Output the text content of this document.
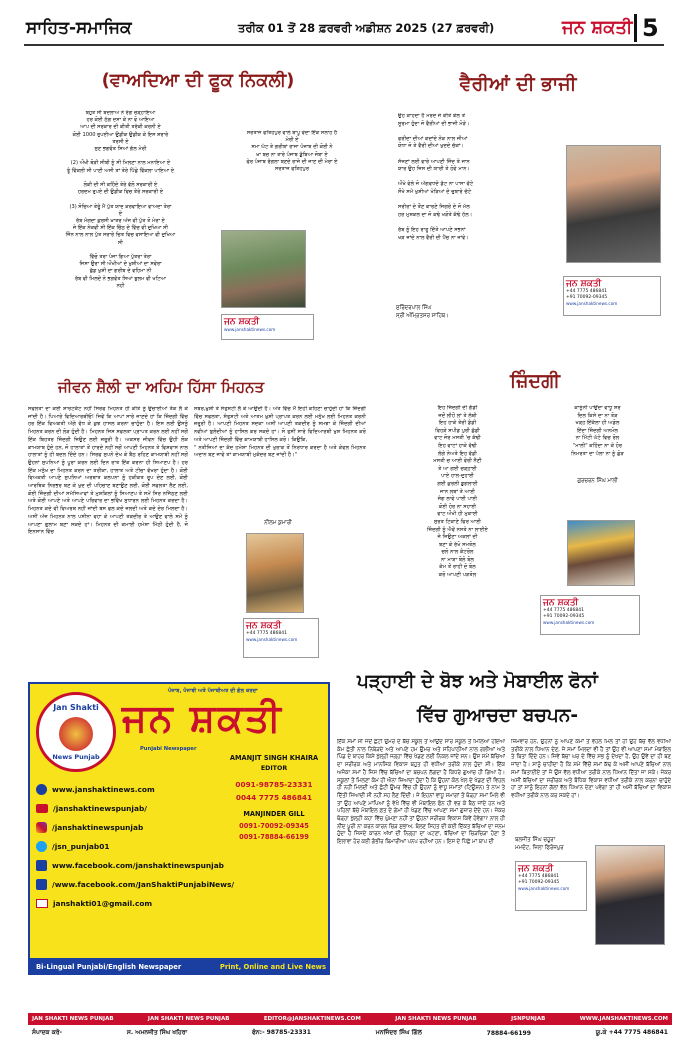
ਸਾਹਿਤ-ਸਮਾਜਿਕ	ਤਰੀਕ 01 ਤੋਂ 28 ਫ਼ਰਵਰੀ ਅਡੀਸ਼ਨ 2025 (27 ਫ਼ਰਵਰੀ)	ਜਨ ਸ਼ਕਤੀ 5
(ਵਾਅਦਿਆ ਦੀ ਫੂਕ ਨਿਕਲੀ)
ਬਹੁਤ ਸੀ ਬਦਲਾਅ ਨੇ ਰੰਗ ਚੜ੍ਹਾਇਆ
ਹਰ ਕੋਈ ਠੱਗ ਦਸਾ ਕੇ ਨਾ ਵੋ ਆਇਆ
ਆਪ ਦੀ ਸਰਕਾਰ ਦੀ ਕੀਤੀ ਤਰੱਕੀ ਕਰਨੀ ਏ
ਕੋਈ 1000 ਰੁਪਈਆ ਉਡੀਕ ਉਡੀਕ ਕੇ ਇਸ ਸ਼ਰਾਰੇ
ਤਰਸੀ ਏ
ਸੁਣ ਭਗਵੰਤ ਸਿਆਂ ਗੱਲ ਮੇਰੀ

(2) ਔਖੀ ਥੋੜੀ ਸੀਬੀ ਨੂੰ ਸੀ ਮਿਲਣਾ ਨਾਲ ਮਨਾਇਆ ਏ
ਤੂੰ ਵਿੱਕਲੀ ਸੀ ਪਾਣੀ ਅਸੀ ਤਾਂ ਤੇਰੇ ਪਿੱਛੇ ਵਿੱਕਲਾ ਪਾਇਆ ਏ

ਲੋਕੀ ਦੀ ਸੀ ਕਹਿੰਦੇ ਤੇਰੇ ਵੱਲੋ ਸਰਕਾਰੀ ਏ
ਹਰਦਮ ਰੁਪਏ ਦੀ ਉਡੀਕ ਵਿਚ ਤੇਰੇ ਸਰਕਾਰੀ ਏ

(3) ਸੋਚਿਆ ਤੇਰੂੰ ਮੈਂ ਪੁੱਤ ਯਾਦ ਕਰਵਾਇਆ ਵਾਅਦਾ ਤੇਰਾ
ਏ
ਰੱਬ ਮੰਗਦਾ ਕੁਰਸੀ ਖ਼ਾਤਰ ਅੱਜ ਵੀ ਪੁੱਤ ਤੋ ਮੇਰਾ ਏ
ਜੇ ਇੱਕ ਨੇਕਵੀ ਸੀ ਇੱਕ ਚਿੱਠ ਦੇ ਵਿੱਚ ਵੀ ਦੁਖਿਆ ਸੀ
ਜਿੰਨ ਨਾਲ ਨਾਲ ਪੁੱਤ ਸਰਾਰੇ ਚਿਤ ਵਿਚ ਵਸਾਇਆ ਵੀ ਦੁਖਿਆ
ਸੀ

ਵਿੱਚੋ ਤਰਾ ਪੰਜਾ ਗਿਆ ਪੁੱਤਰਾ ਤੇਰਾ
ਜਿਸਾ ਉਰਾ ਸੀ ਔਖੀਆਂ ਦੇ ਖੁਸ਼ੀਆਂ ਦਾ ਸਵੇਰਾ
ਛੱਡ ਖੁਸ਼ੀ ਦਾ ਗਰੀਬ ਦੇ ਵਹਿਮਾ ਨੀ
ਰੱਬ ਵੀ ਮਿਲਦੇ ਨੇ ਭਗਵੰਤ ਸਿਆਂ ਝੁਲਮ ਵੀ ਖਟਿਆ
ਨਹੀ
ਸਰਤਾਜ ਫਤਿਹਪੁਰ ਵਾਲੇ ਬਾਪੂ ਵੇਦਾ ਇੱਕ ਸਲਾਹ ਹੈ
ਮੇਰੀ ਏ
ਸਮਾ ਘੱਟ ਤੇ ਗਰੀਬਾਂ ਰਾਜਾ ਪੰਜਾਬ ਦੀ ਕੋਈ ਨੇ
ਖ਼ਾ ਬਚ ਨਾ ਤਾਰੇ ਪੰਜਾਬ ਡੁੱਬਿਆ ਜੋਬਾ ਏ
ਫੇਰ ਪੰਜਾਬ ਰੰਗਲਾ ਬਣਦੇ ਰਾਜੇ ਦੀ ਜਾਣ ਦੀ ਮੇਰਾ ਏ
ਸਰਤਾਜ ਫਤਿਹਪੁਰ
ਜਨ ਸ਼ਕਤੀ
www.janshaktinews.com
ਵੈਰੀਆਂ ਦੀ ਭਾਜੀ
ਉਹ ਕਾਹਦਾ ਹੈ ਮਰਦ ਜੇ ਕੀਤੇ ਕੌਲ ਤੋਂ
ਸੂਰਮਾ ਹੁੰਦਾ ਜੋ ਵੈਰੀਆਂ ਦੀ ਭਾਜੀ ਮੋੜੇ।

ਫਰੀਦਾ ਦੀਆਂ ਕਦਾਂਦੇ ਨੇਕ ਨਾਲ ਜੀਆਂ
ਯੋਧਾ ਜੋ ਤੇ ਵੈਰੀ ਦੀਆਂ ਖੁਦਦੇ ਚੱਕਾਂ।

ਸੱਜਣਾਂ ਲਈ ਵਾਰੇ ਆਪਣੀ ਜਿੰਦ ਤੇ ਜਾਨ
ਯਾਰ ਉਹ ਜਿਸ ਦੀ ਯਾਰੀ ਤੇ ਹੋਵੇ ਮਾਨ।

ਔਖੇ ਵੇਲੇ ਜੋ ਅੱਗਵਧਦੇ ਡੱਟ ਨਾ ਪਾਸਾ ਵੱਟੇ
ਸੌਖੇ ਸਮੇਂ ਖੁਸ਼ੀਆਂ ਖੇੜਿਆਂ ਦੇ ਚੁਬਾਰੇ ਚੱਟੇ

ਸਰੀਰਾਂ ਦੇ ਤੌਣ ਕਾਰਣੇ ਜਿਗਰੇ ਦੇ ਜੋ ਮੱਲ
ਹਰ ਮੁਸ਼ਕਲ ਦਾ ਜੋ ਕਢੇ ਖੜੋਤੇ ਕੱਢੇ ਹੱਲ।

ਰੱਬ ਨੂੰ ਇਹ ਰਾਤੂ ਦਿੱਤੇ ਆਪਣੇ ਸਭਨਾਂ
ਖੜ ਜਾਂਦੇ ਨਾਲ ਵੈਰੀ ਦੀ ਪੈਂਚ ਨਾ ਜਾਂਵੇ।
ਸੁਰਿੰਦਰਪਾਲ ਸਿੰਘ
ਸ੍ਰੀ ਅੰਮ੍ਰਿਤਸਰ ਸਾਹਿਬ।
ਜਨ ਸ਼ਕਤੀ
+44 7775 486841
+91 70092-09345
www.janshaktinews.com
ਜੀਵਨ ਸ਼ੈਲੀ ਦਾ ਅਹਿਮ ਹਿੱਸਾ ਮਿਹਨਤ
ਸਫਲਤਾ ਦਾ ਕੋਈ ਸ਼ਾਰਟਕੱਟ ਨਹੀਂ ਸਿਰਫ ਮਿਹਨਤ ਹੀ ਕੀਤੇ ਨੂੰ ਉਚਾਈਆਂ ਤੱਕ ਲੈ ਕੇ ਜਾਂਦੀ ਹੈ। ਪਿਆਰੇ ਵਿਦਿਆਰਥੀਓ! ਜਿਵੇਂ ਕਿ ਆਪਾਂ ਸਾਰੇ ਜਾਣਦੇ ਹਾਂ ਕਿ ਜ਼ਿੰਦਗੀ ਵਿੱਚ ਹਰ ਇੱਕ ਵਿਅਕਤੀ ਅੱਗੇ ਵੱਧ ਕੇ ਕੁਝ ਹਾਸਲ ਕਰਨਾ ਚਾਹੁੰਦਾ ਹੈ। ਇਸ ਲਈ ਉਸਨੂੰ ਮਿਹਨਤ ਕਰਨ ਦੀ ਲੋੜ ਹੁੰਦੀ ਹੈ। ਮਿਹਨਤ ਜਿਸ ਸਫਲਤਾ ਪ੍ਰਾਪਤ ਕਰਨ ਲਈ ਨਹੀਂ ਸਗੋਂ ਇੱਕ ਬਿਹਤਰ ਜ਼ਿੰਦਗੀ ਜਿਉਣ ਲਈ ਜ਼ਰੂਰੀ ਹੈ। ਅਕਸਰ ਜੀਵਨ ਵਿੱਚ ਉਹੀ ਲੋਕ ਕਾਮਯਾਬ ਹੁੰਦੇ ਹਨ, ਜੋ ਹਾਲਾਤਾਂ ਤੋਂ ਹਾਰਦੇ ਨਹੀਂ ਸਗੋਂ ਆਪਣੀ ਮਿਹਨਤ ਤੇ ਵਿਸ਼ਵਾਸ ਨਾਲ ਹਾਲਾਤਾਂ ਨੂੰ ਹੀ ਬਦਲ ਦਿੰਦੇ ਹਨ। ਸਿਰਫ ਸੁਪਨੇ ਦੇਖ ਕੇ ਬੈਠ ਰਹਿਣ ਕਾਮਯਾਬੀ ਨਹੀਂ ਸਗੋਂ ਉਹਨਾਂ ਸੁਪਨਿਆਂ ਨੂੰ ਪੂਰਾ ਕਰਨ ਲਈ ਦਿਨ ਰਾਤ ਇੱਕ ਕਰਨਾ ਹੀ ਸਿਆਣਪ ਹੈ। ਹਰ ਇੱਕ ਮਨੁੱਖ ਦਾ ਮਿਹਨਤ ਕਰਨ ਦਾ ਤਰੀਕਾ, ਹਾਲਾਤ ਅਤੇ ਟੀਚਾ ਵੱਖਰਾ ਹੁੰਦਾ ਹੈ। ਕੋਈ ਵਿਅਕਤੀ ਆਪਣੇ ਸੁਪਨਿਆਂ ਅਰਥਾਤ ਕਲਪਨਾ ਨੂੰ ਹਕੀਕਤ ਰੂਪ ਦੇਣ ਲਈ, ਕੋਈ ਆਰਥਿਕ ਨਿਰਭਰ ਬਣ ਕੇ ਖੁਦ ਦੀ ਪਹਿਚਾਣ ਬਣਾਉਣ ਲਈ, ਕੋਈ ਸਫਲਤਾ ਲੈਣ ਲਈ, ਕੋਈ ਜ਼ਿੰਦਗੀ ਦੀਆਂ ਸਮੱਸਿਆਵਾਂ ਤੇ ਮੁਸ਼ਕਿਲਾਂ ਨੂੰ ਸਿਆਣਪ ਤੇ ਸਮੇਂ ਸਿਰ ਨਜਿੱਠਣ ਲਈ ਅਤੇ ਕੋਈ ਆਪਣੇ ਅਤੇ ਆਪਣੇ ਪਰਿਵਾਰ ਦਾ ਭਵਿੱਖ ਸੁਧਾਰਨ ਲਈ ਮਿਹਨਤ ਕਰਦਾ ਹੈ। ਮਿਹਨਤ ਕਦੇ ਵੀ ਵਿਅਰਥ ਨਹੀਂ ਜਾਂਦੀ ਬਸ ਫਲ ਕਦੇ ਜਲਦੀ ਅਤੇ ਕਦੇ ਦੇਰ ਮਿਲਦਾ ਹੈ। ਅਸੀਂ ਅੱਜ ਮਿਹਨਤ ਨਾਲ ਪਸੀਨਾ ਵਹਾ ਕੇ ਆਪਣੀ ਤਕਦੀਰ ਤੇ ਆਉਣ ਵਾਲੇ ਸਮੇਂ ਨੂੰ ਆਪਣਾ ਗੁਲਾਮ ਬਣਾ ਸਕਦੇ ਹਾਂ। ਮਿਹਨਤ ਦੀ ਕਮਾਈ ਹਮੇਸ਼ਾ ਮਿੱਠੀ ਹੁੰਦੀ ਹੈ, ਜੋ ਇਨਸਾਨ ਵਿੱਚ
ਸਬਰ,ਖ਼ੁਸ਼ੀ ਤੇ ਸੰਤੁਸ਼ਟੀ ਲੈ ਕੇ ਆਉਂਦੀ ਹੈ। ਅੰਤ ਵਿੱਚ ਮੈਂ ਇਹੀ ਕਹਿਣਾ ਚਾਹੁੰਦੀ ਹਾਂ ਕਿ ਜ਼ਿੰਦਗੀ ਵਿੱਚ ਸਫਲਤਾ, ਸੰਤੁਸ਼ਟੀ ਅਤੇ ਆਤਮ ਖ਼ੁਸ਼ੀ ਪ੍ਰਾਪਤ ਕਰਨ ਲਈ ਮਨੁੱਖ ਲਈ ਮਿਹਨਤ ਕਰਨੀ ਜ਼ਰੂਰੀ ਹੈ। ਆਪਣੀ ਮਿਹਨਤ ਸਦਕਾ ਅਸੀਂ ਆਪਣੀ ਤਕਦੀਰ ਨੂੰ ਸਮਝਾ ਕੇ ਜ਼ਿੰਦਗੀ ਦੀਆਂ ਨਵੀਆਂ ਬੁਲੰਦੀਆਂ ਨੂੰ ਹਾਸਿਲ ਕਰ ਸਕਦੇ ਹਾਂ। ਸੋ ਤੁਸੀਂ ਸਾਰੇ ਵਿਦਿਆਰਥੀ ਖੁਸ਼ ਮਿਹਨਤ ਕਰੋ ਅਤੇ ਆਪਣੀ ਜ਼ਿੰਦਗੀ ਵਿੱਚ ਕਾਮਯਾਬੀ ਹਾਸਿਲ ਕਰੋ। ਕਿਉਂਕਿ,
" ਨਤੀਜਿਆਂ ਦਾ ਕੱਦ ਹਮੇਸ਼ਾ ਮਿਹਨਤ ਦੀ ਖੁਰਾਕ ਤੋਂ ਨਿਰਧਾਰ ਕਰਦਾ ਹੈ ਅਤੇ ਕੇਵਲ ਮਿਹਨਤ ਅਦਾਨ ਬਣ ਜਾਵੇ ਤਾਂ ਕਾਮਯਾਬੀ ਮੁਕੱਦਰ ਬਣ ਜਾਂਦੀ ਹੈ।"
ਨੀਲਮ ਕੁਮਾਰੀ
ਜਨ ਸ਼ਕਤੀ
+44 7775 486841
www.janshaktinews.com
ਜ਼ਿੰਦਗੀ
ਇਹ ਜ਼ਿੰਦਗੀ ਦੀ ਗੱਡੀ
ਜਦੋਂ ਲੀਹੋਂ ਲਾਂ ਤੇ ਲੱਥੀ
ਇਹ ਹਾਕੇ ਤੇਰੀ ਡੰਡੀ
ਵਿਹੜੇ ਸਪੀਡ ਪੁਰੀ ਛੱਡੀ
ਵਾਟ ਜੋਰ ਮਸਤੀ 'ਚ ਕੱਢੀ
ਇਹ ਵਾਟਾਂ ਹਾਕੇ ਵੱਢੀ
ਲੱਗੇ ਨੇਅਤੇ ਇਹ ਵੱਡੀ
ਮਸਤੀ ਚ ਆਈ ਵੇਰੀ ਨੈਣੀ
ਤੇ ਆ ਗਈ ਚੜ੍ਹਾਈ
ਪਾਏ ਹਾਲ-ਦੁਹਾਈ
ਗਈ ਕੁਰਲੀ ਡੁਗਲਾਈ
ਜਾਨ ਲਬਾਂ ਤੇ ਆਈ
ਜੰਗ ਲਾਵੇ ਪਾਈ ਪਾਈ
ਕੋਈ ਹੋਰ ਨਾ ਸਹਾਈ
ਵਾਟ ਔਖੀ ਹੀ ਮੁਕਾਈ
ਸੁਰਤ ਟਿਕਾਣੇ ਫਿਰ ਆਈ
ਜ਼ਿੰਦਗੀ ਨੂੰ ਐਵੇਂ ਨਸਤੇ ਨਾ ਲਾਈਏ
ਜੇ ਜਿਉਣਾ ਅਕਲਾਂ ਦੀ
ਬਣਾ ਕੇ ਰੱਖੋ ਸਮਤੋਲ
ਚਲੋ ਨਾਲ ਕੰਟਰੋਲ
ਨਾ ਮਾੜਾ ਬੋਲੋ ਬੋਲ
ਕੰਮ ਤੋਂ ਰਾਹੀ ਦੋ ਬੋਲ
ਕਰੋ ਆਪਣੀ ਪੜਤੋਲ
ਕਾਨੂੰਨੀ ਪਾਉਂਦਾ ਵਾਧੂ ਸ਼ੋਰ
ਦਿਲ ਕਿਸੇ ਦਾ ਨਾ ਤੋੜ
ਖੜ੍ਹ ਇੱਕੱਲਾ ਹੀ ਅਡੋਲ
ਇੱਦਾ ਜ਼ਿੰਦਗੀ ਅਨਮੋਲ
ਨਾ ਮਿੱਟੀ ਘੱਟੇ ਵਿਚ ਰੋਲ
"ਮਾਲੀ" ਕਹਿੰਦਾ ਨਾ ਕੇ ਹੋਰ
ਨਿਮਰਤਾ ਦਾ ਪੱਲਾ ਨਾ ਨੂੰ ਛੋੜ
ਗੁਰਚਰਨ ਸਿੰਘ ਮਾਲੀ
ਜਨ ਸ਼ਕਤੀ
+44 7775 486841
+91 70092-09345
www.janshaktinews.com
ਪੜ੍ਹਾਈ ਦੇ ਬੋਝ ਅਤੇ ਮੋਬਾਈਲ ਫੋਨਾਂ
ਵਿੱਚ ਗੁਆਚਦਾ ਬਚਪਨ-
ਇੱਕ ਸਮਾਂ ਸੀ ਜਦੋਂ ਛੋਟੀ ਉਮਰ ਦੇ ਬੱਚੇ ਸਕੂਲ ਤੋਂ ਆਉਂਦ ਸਾਰ ਸਕੂਲ ਤੋਂ ਮਿਲਿਆ ਹੋਇਆ ਕੰਮ ਛੇਤੀ ਨਾਲ ਨਿਬੇੜਦੇ ਅਤੇ ਆਪਣੇ ਹਮ ਉਮਰ ਅਤੇ ਸਹਿਪਾਠੀਆਂ ਨਾਲ ਗਲੀਆਂ ਅਤੇ ਪਿੰਡ ਦੇ ਬਾਹਰ ਕਿਸੇ ਖੁੱਲ੍ਹੀ ਜਗ੍ਹਾ ਵਿੱਚ ਖੇਡਣ ਲਈ ਨਿਕਲ ਜਾਂਦੇ ਸਨ। ਉਸ ਸਮੇਂ ਬੱਚਿਆਂ ਦਾ ਸਰੀਰਕ ਅਤੇ ਮਾਨਸਿਕ ਵਿਕਾਸ ਬਹੁਤ ਹੀ ਵਧੀਆ ਤਰੀਕੇ ਨਾਲ ਹੁੰਦਾ ਸੀ। ਇੱਕ ਅਜੋਕਾ ਸਮਾਂ ਹੈ ਜਿਸ ਵਿੱਚ ਬੱਚਿਆਂ ਦਾ ਬਚਪਨ ਲੱਗਦਾ ਹੈ ਕਿਧਰੇ ਗੁਆਚ ਹੀ ਗਿਆ ਹੈ। ਸਕੂਲਾਂ ਤੋਂ ਮਿਲਣਾ ਕੰਮ ਹੀ ਐਨਾ ਜ਼ਿਆਦਾ ਹੁੰਦਾ ਹੈ ਕਿ ਉਹਨਾਂ ਕੋਲ ਖੇਲ ਦੇ ਖੇਡਣ ਦੀ ਵਿਹਲ ਹੀ ਨਹੀਂ ਮਿਲਦੀ ਅਤੇ ਛੋਟੀ ਉਮਰ ਵਿੱਚ ਹੀ ਉਹਨਾਂ ਨੂੰ ਵਾਧੂ ਸਮਾਂਤਾਂ (ਟਿਊਸ਼ਨ) ਤੇ ਨਾਮ ਤੇ ਦਿੱਤੀ ਜਿਆਦੀ ਸੀ ਨਹੀਂ ਸਹ ਲੈਣ ਦਿੰਦੀ। ਜੇ ਇਹਨਾਂ ਵਾਧੂ ਸਮਾਗਾਂ ਤੋਂ ਥੋੜ੍ਹਾ ਸਮਾਂ ਮਿਲੇ ਵੀ ਤਾਂ ਉਹ ਆਪਣੇ ਮਾਪਿਆਂ ਨੂੰ ਵੇਖੋ ਵਿੱਚ ਵੀ ਮੋਬਾਇਲ ਫੋਨ ਹੀ ਵਰ ਕੇ ਬੈਠ ਜਾਂਦੇ ਹਨ ਅਤੇ ਪਹਿਲਾਂ ਬੱਚੇ ਮੋਬਾਇਲ ਫ਼ਤ ਦੇ ਗੇਮਾਂ ਹੀ ਖੇਡਣ ਵਿੱਚ ਆਪਣਾ ਸਮਾਂ ਗੁਜ਼ਾਰ ਦੇਂਦੇ ਹਨ। ਜੇਕਰ ਥੋੜ੍ਹਾ ਖੁੱਲ੍ਹੀ ਕਹਾ ਵਿੱਚ ਘੁੰਮਣਾ ਨਹੀਂ ਤਾਂ ਉਹਨਾਂ ਸਰੀਰਕ ਵਿਕਾਸ ਕਿਵੇਂ ਹੋਵੇਗਾ? ਨਾਲ ਹੀ ਨੀਂਦ ਪੂਰੀ ਨਾ ਕਰਨ ਕਾਰਨ ਚਿੜ ਸੁਭਾਅ, ਬੋਲਣ ਸਿਹਤ ਦੀ ਕਈ ਦਿੱਕਤ ਬੱਚਿਆਂ ਦਾ ਜਨਮ ਹੁੰਦਾ ਹੈ ਜਿਸਦੇ ਕਾਰਨ ਅੱਖਾਂ ਦੀ ਨਿਗ੍ਹਾ ਦਾ ਘਟਣਾ, ਬੱਚਿਆਂ ਦਾ ਚਿੜਚਿੜਾ ਹੋਣਾ ਤੋਂ ਇਲਾਵਾ ਹੋਰ ਕਈ ਗੰਭੀਰ ਬਿਮਾਰੀਆਂ ਪਨਪ ਰਹੀਆਂ ਹਨ। ਇਸ ਦੇ ਪਿੱਛੇ ਮਾਂ ਬਾਪ ਦੀ
ਜ਼ਿੰਮੇਵਾਰ ਹਨ, ਉਹਨਾਂ ਨੂੰ ਆਪਣੇ ਕੰਮਾਂ ਤੋਂ ਵੇਹਲ ਮਿਲੇ ਤਾਂ ਹੀ ਉਹ ਬੱਚੇ ਵੱਲ ਵਧੀਆ ਤਰੀਕੇ ਨਾਲ ਧਿਆਨ ਦੇਣ, ਜੇ ਸਮਾਂ ਮਿਲਦਾ ਵੀ ਹੈ ਤਾਂ ਉਹ ਵੀ ਆਪਣਾ ਸਮਾਂ ਮੋਬਾਇਲ ਤੇ ਬਿਤਾ ਦਿੰਦੇ ਹਨ। ਜਿਵੇਂ ਬੱਚਾ ਘਰ ਦੇ ਵਿੱਚ ਸਭ ਨੂੰ ਦੇਖਦਾ ਹੈ, ਉਹ ਉਵੇਂ ਦਾ ਹੀ ਬਣ ਜਾਂਦਾ ਹੈ। ਸਾਨੂੰ ਚਾਹੀਦਾ ਹੈ ਕਿ ਸਮੇਂ ਵਿੱਚੋਂ ਸਮਾਂ ਕੱਢ ਕੇ ਅਸੀਂ ਆਪਣੇ ਬੱਚਿਆਂ ਨਾਲ ਸਮਾਂ ਬਿਤਾਈਏ ਤਾਂ ਜੋ ਉਸ ਵੱਲ ਵਧੀਆ ਤਰੀਕੇ ਨਾਲ ਧਿਆਨ ਦਿੱਤਾ ਜਾ ਸਕੇ। ਜੇਕਰ ਅਸੀਂ ਬੱਚਿਆਂ ਦਾ ਸਰੀਰਕ ਅਤੇ ਬੌਧਿਕ ਵਿਕਾਸ ਵਧੀਆਂ ਤਰੀਕੇ ਨਾਲ ਕਰਨਾ ਚਾਹੁੰਦੇ ਹਾਂ ਤਾਂ ਸਾਨੂੰ ਇਹਨਾਂ ਗੱਲਾਂ ਵੱਲ ਧਿਆਨ ਦੇਣਾ ਪਵੇਗਾ ਤਾਂ ਹੀ ਅਸੀਂ ਬੱਚਿਆਂ ਦਾ ਵਿਕਾਸ ਵਧੀਆਂ ਤਰੀਕੇ ਨਾਲ ਕਰ ਸਕਦੇ ਹਾਂ।
ਬਲਜੀਤ ਸਿੰਘ ਚਹੂਰਾ
ਮਮਦੋਟ, ਜ਼ਿਲਾ ਫਿਰੋਜ਼ਪੁਰ
ਜਨ ਸ਼ਕਤੀ
+44 7775 486841
+91 70092-09345
www.janshaktinews.com
ਪੰਜਾਬ, ਪੰਜਾਬੀ ਅਤੇ ਪੰਜਾਬੀਅਤ ਦੀ ਗੱਲ ਕਰਦਾ
Jan Shakti
News Punjab
ਜਨ ਸ਼ਕਤੀ
Punjabi Newspaper
AMANJIT SINGH KHAIRA
EDITOR
0091-98785-23331
0044 7775 486841
MANJINDER GILL
0091-70092-09345
0091-78884-66199
www.janshaktinews.com
/janshaktinewspunjab/
/janshaktinewspunjab
/jsn_punjab01
www.facebook.com/janshaktinewspunjab
/www.facebook.com/JanShaktiPunjabiNews/
janshakti01@gmail.com
Bi-Lingual Punjabi/English Newspaper	Print, Online and Live News
JAN SHAKTI NEWS PUNJAB	JAN SHAKTI NEWS PUNJAB	EDITOR@JANSHAKTINEWS.COM	JAN SHAKTI NEWS PUNJAB	JSNPUNJAB	WWW.JANSHAKTINEWS.COM
ਸੰਪਾਦਕ ਕਰੋ-	ਸ. ਅਮਨਜੀਤ ਸਿੰਘ ਖਹਿਰਾ	ਫੋਨ:- 98785-23331	ਮਨਜਿੰਦਰ ਸਿੰਘ ਗਿੱਲ	78884-66199	ਯੂ.ਕੇ +44 7775 486841
